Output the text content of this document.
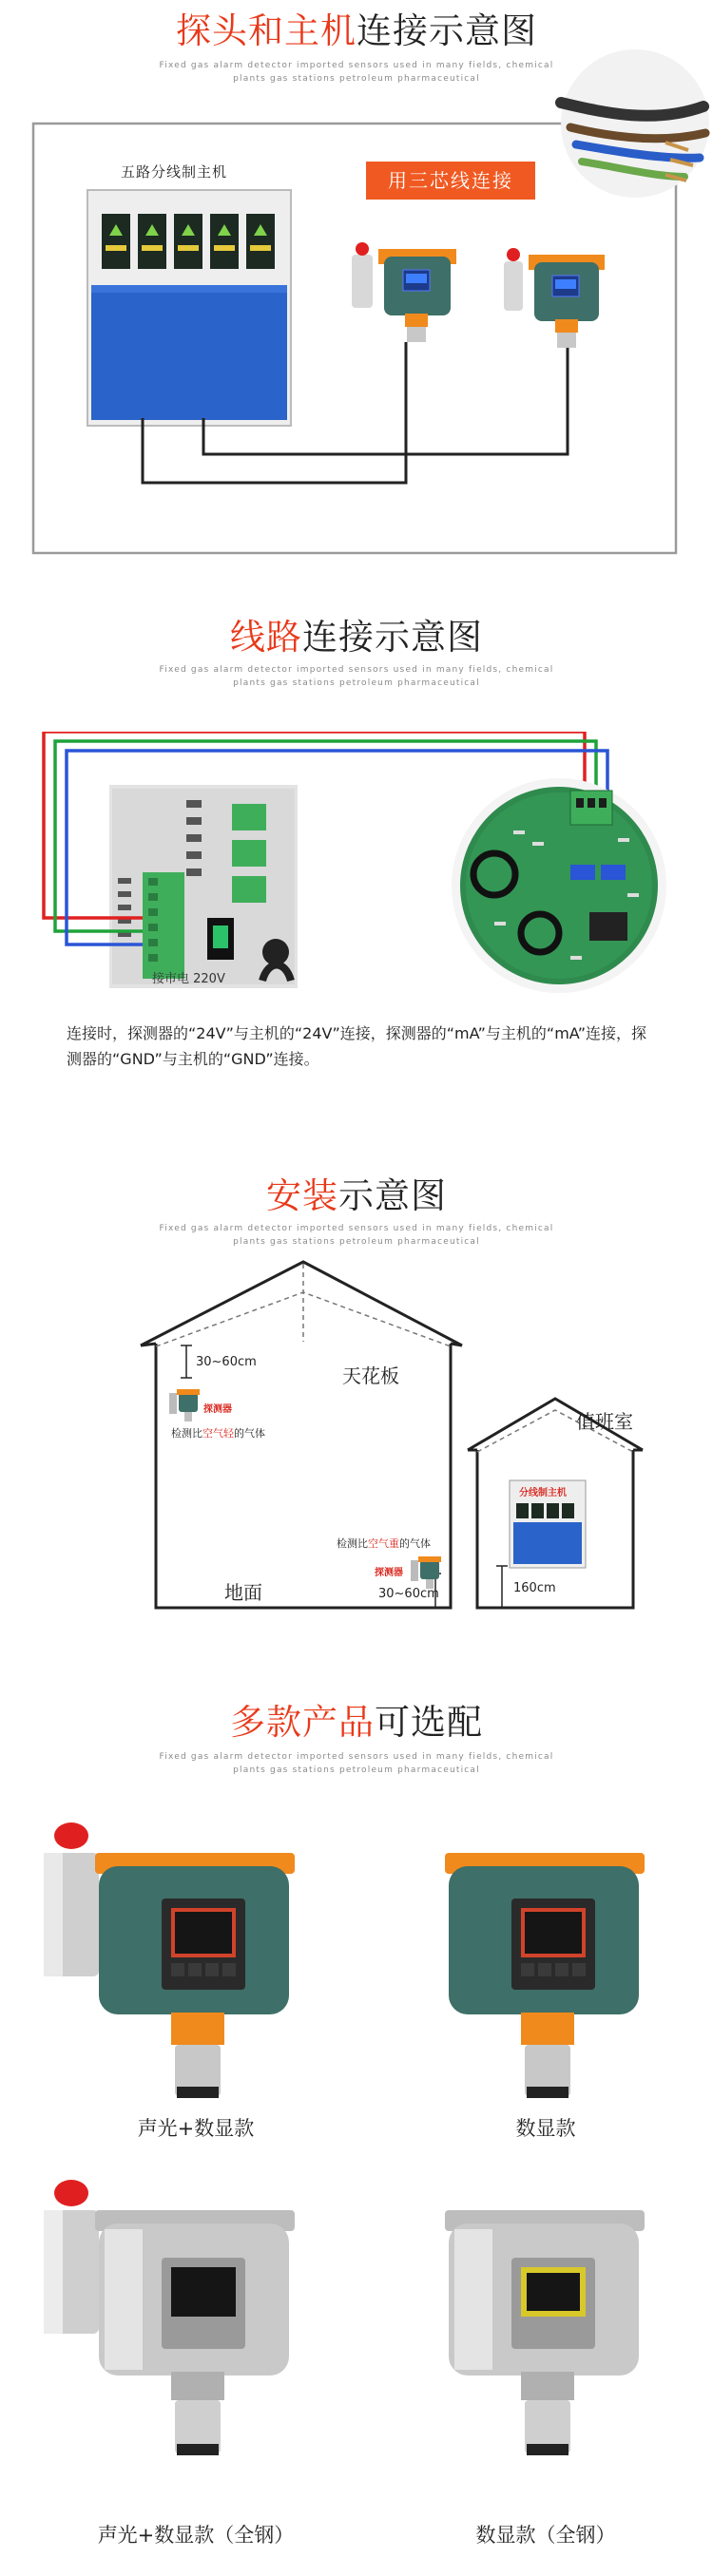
探头和主机连接示意图
Fixed gas alarm detector imported sensors used in many fields, chemical
plants gas stations petroleum pharmaceutical
五路分线制主机	用三芯线连接
线路连接示意图
Fixed gas alarm detector imported sensors used in many fields, chemical
plants gas stations petroleum pharmaceutical
接市电 220V
连接时，探测器的“24V”与主机的“24V”连接，探测器的“mA”与主机的“mA”连接，探测器的“GND”与主机的“GND”连接。
安装示意图
Fixed gas alarm detector imported sensors used in many fields, chemical
plants gas stations petroleum pharmaceutical
天花板
地面
值班室
30~60cm
探测器
检测比空气轻的气体
检测比空气重的气体
探测器
30~60cm
分线制主机
160cm
多款产品可选配
Fixed gas alarm detector imported sensors used in many fields, chemical
plants gas stations petroleum pharmaceutical
声光+数显款	数显款
声光+数显款（全钢）	数显款（全钢）
